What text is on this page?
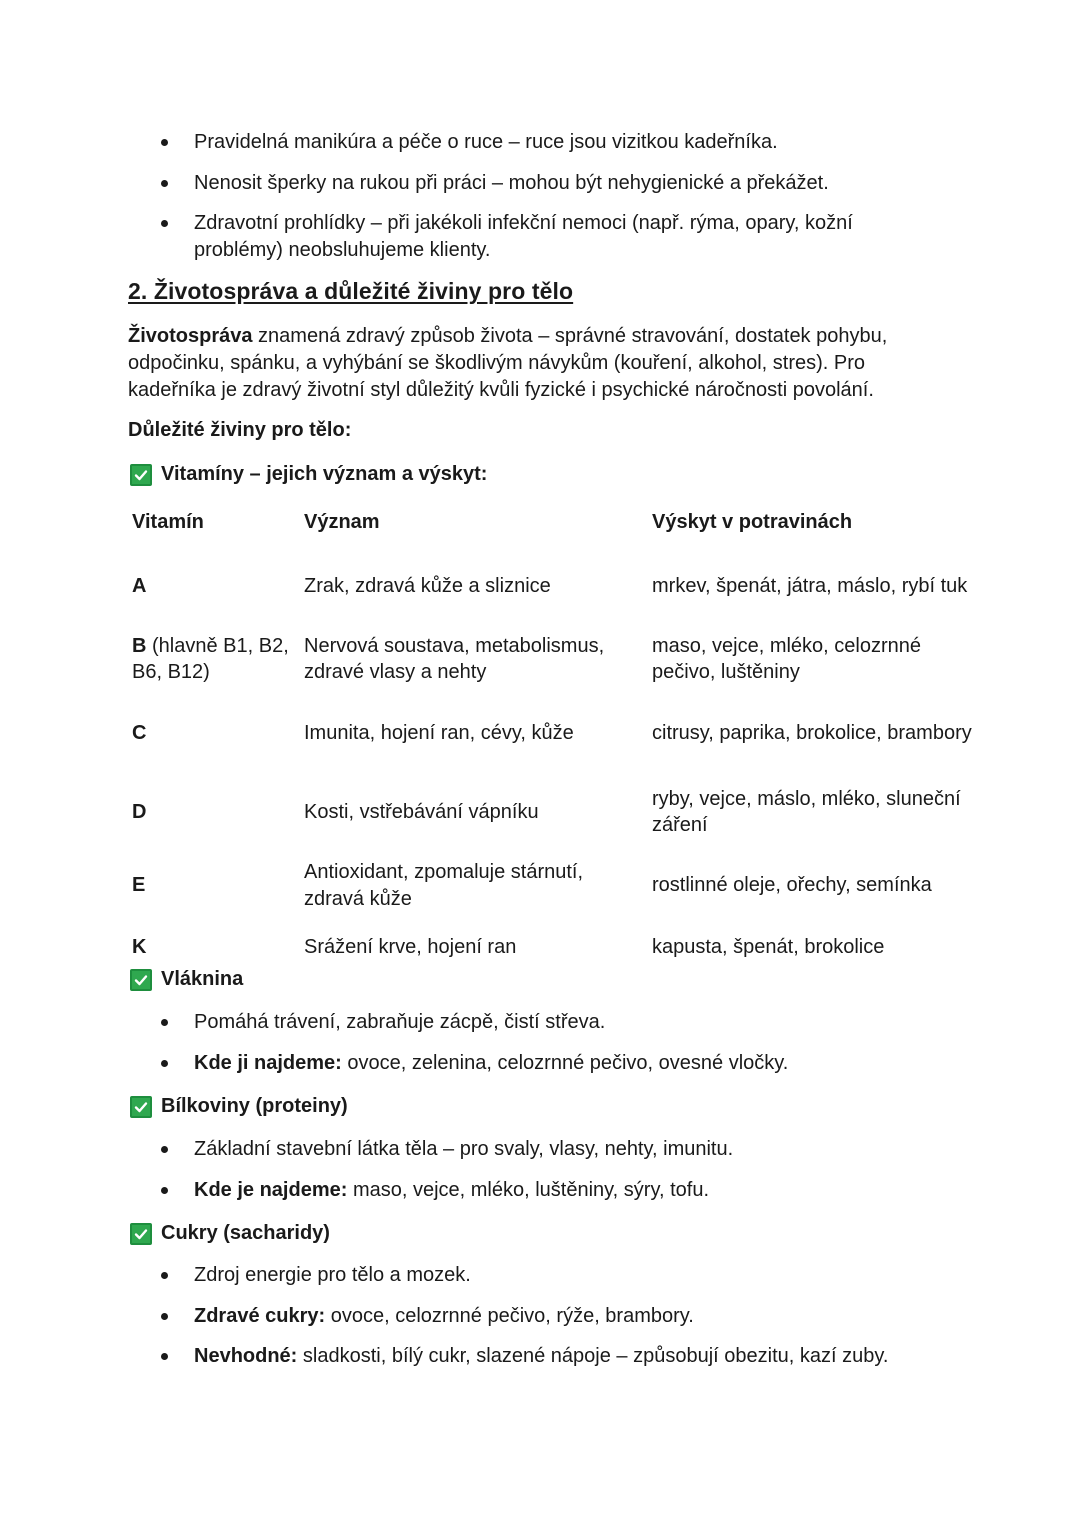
Pravidelná manikúra a péče o ruce – ruce jsou vizitkou kadeřníka.
Nenosit šperky na rukou při práci – mohou být nehygienické a překážet.
Zdravotní prohlídky – při jakékoli infekční nemoci (např. rýma, opary, kožní problémy) neobsluhujeme klienty.
2. Životospráva a důležité živiny pro tělo
Životospráva znamená zdravý způsob života – správné stravování, dostatek pohybu, odpočinku, spánku, a vyhýbání se škodlivým návykům (kouření, alkohol, stres). Pro kadeřníka je zdravý životní styl důležitý kvůli fyzické i psychické náročnosti povolání.
Důležité živiny pro tělo:
Vitamíny – jejich význam a výskyt:
Vitamín	Význam	Výskyt v potravinách
A	Zrak, zdravá kůže a sliznice	mrkev, špenát, játra, máslo, rybí tuk
B (hlavně B1, B2, B6, B12)	Nervová soustava, metabolismus, zdravé vlasy a nehty	maso, vejce, mléko, celozrnné pečivo, luštěniny
C	Imunita, hojení ran, cévy, kůže	citrusy, paprika, brokolice, brambory
D	Kosti, vstřebávání vápníku	ryby, vejce, máslo, mléko, sluneční záření
E	Antioxidant, zpomaluje stárnutí, zdravá kůže	rostlinné oleje, ořechy, semínka
K	Srážení krve, hojení ran	kapusta, špenát, brokolice
Vláknina
Pomáhá trávení, zabraňuje zácpě, čistí střeva.
Kde ji najdeme: ovoce, zelenina, celozrnné pečivo, ovesné vločky.
Bílkoviny (proteiny)
Základní stavební látka těla – pro svaly, vlasy, nehty, imunitu.
Kde je najdeme: maso, vejce, mléko, luštěniny, sýry, tofu.
Cukry (sacharidy)
Zdroj energie pro tělo a mozek.
Zdravé cukry: ovoce, celozrnné pečivo, rýže, brambory.
Nevhodné: sladkosti, bílý cukr, slazené nápoje – způsobují obezitu, kazí zuby.
